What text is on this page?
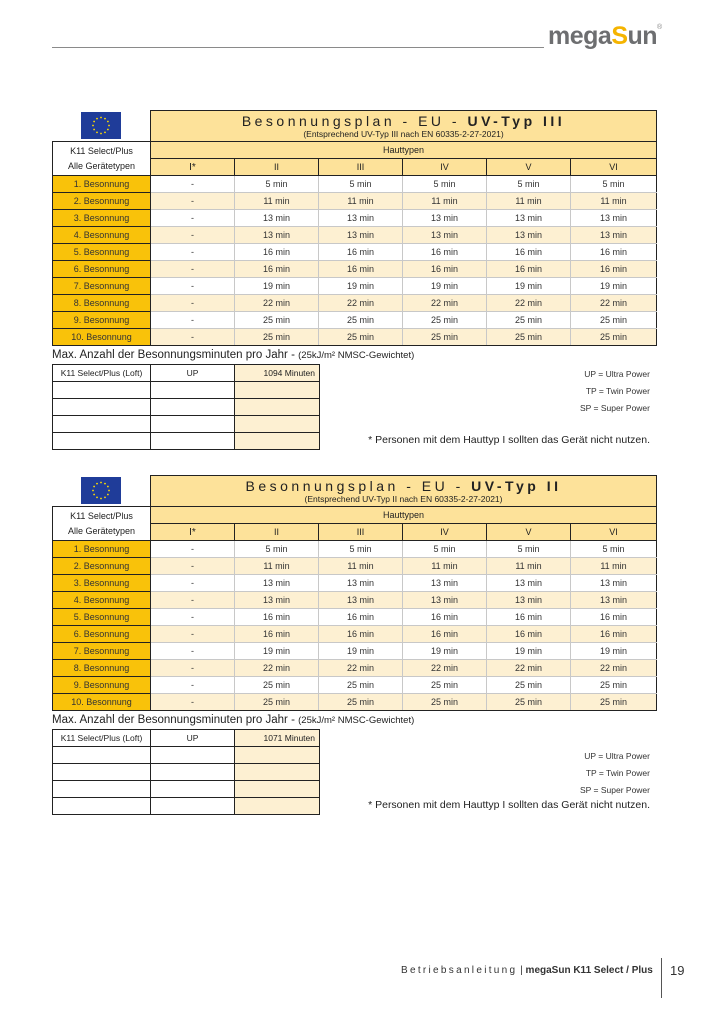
megaSun®

Besonnungsplan - EU - UV-Typ III
(Entsprechend UV-Typ III nach EN 60335-2-27-2021)					

K11 Select/Plus
Alle Gerätetypen	Hauttypen					
	I*	II	III	IV	V	VI
1. Besonnung	-	5 min	5 min	5 min	5 min	5 min
2. Besonnung	-	11 min	11 min	11 min	11 min	11 min
3. Besonnung	-	13 min	13 min	13 min	13 min	13 min
4. Besonnung	-	13 min	13 min	13 min	13 min	13 min
5. Besonnung	-	16 min	16 min	16 min	16 min	16 min
6. Besonnung	-	16 min	16 min	16 min	16 min	16 min
7. Besonnung	-	19 min	19 min	19 min	19 min	19 min
8. Besonnung	-	22 min	22 min	22 min	22 min	22 min
9. Besonnung	-	25 min	25 min	25 min	25 min	25 min
10. Besonnung	-	25 min	25 min	25 min	25 min	25 min
Max. Anzahl der Besonnungsminuten pro Jahr - (25kJ/m² NMSC-Gewichtet)
K11 Select/Plus (Loft)	UP	1094 Minuten

			UP = Ultra Power
TP = Twin Power
SP = Super Power
* Personen mit dem Hauttyp I sollten das Gerät nicht nutzen.

Besonnungsplan - EU - UV-Typ II
(Entsprechend UV-Typ II nach EN 60335-2-27-2021)					

K11 Select/Plus
Alle Gerätetypen	Hauttypen					
	I*	II	III	IV	V	VI
1. Besonnung	-	5 min	5 min	5 min	5 min	5 min
2. Besonnung	-	11 min	11 min	11 min	11 min	11 min
3. Besonnung	-	13 min	13 min	13 min	13 min	13 min
4. Besonnung	-	13 min	13 min	13 min	13 min	13 min
5. Besonnung	-	16 min	16 min	16 min	16 min	16 min
6. Besonnung	-	16 min	16 min	16 min	16 min	16 min
7. Besonnung	-	19 min	19 min	19 min	19 min	19 min
8. Besonnung	-	22 min	22 min	22 min	22 min	22 min
9. Besonnung	-	25 min	25 min	25 min	25 min	25 min
10. Besonnung	-	25 min	25 min	25 min	25 min	25 min
Max. Anzahl der Besonnungsminuten pro Jahr - (25kJ/m² NMSC-Gewichtet)
K11 Select/Plus (Loft)	UP	1071 Minuten

UP = Ultra Power
TP = Twin Power
SP = Super Power
* Personen mit dem Hauttyp I sollten das Gerät nicht nutzen.
Betriebsanleitung | megaSun K11 Select / Plus 19
